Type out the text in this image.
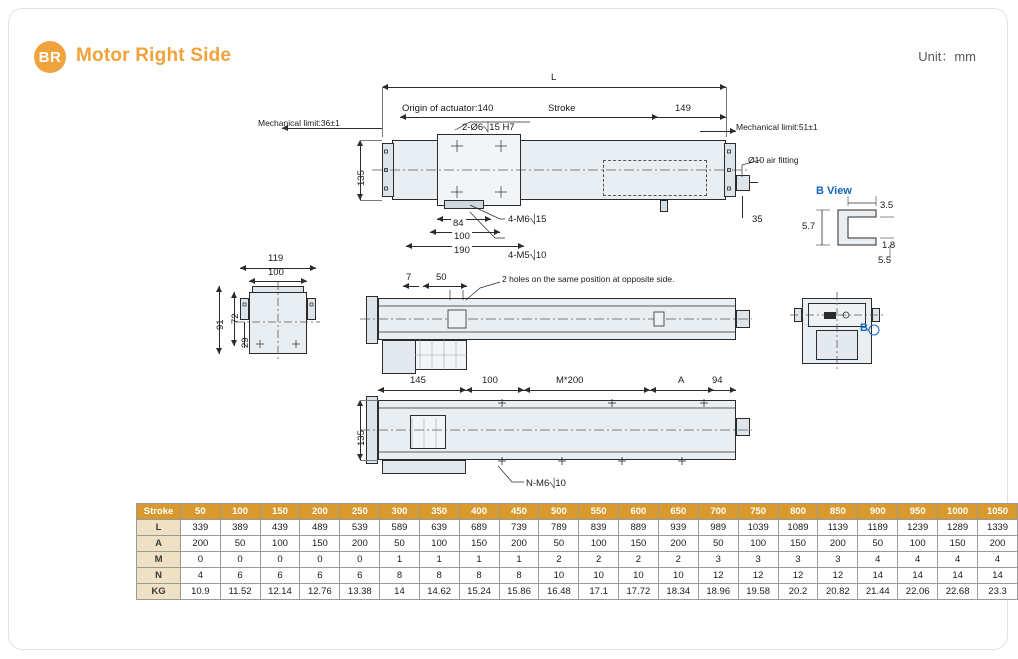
BR Motor Right Side	Unit：mm
L
Origin of actuator:140	Stroke	149
Mechanical limit:36±1	Mechanical limit:51±1
2-Ø6⎷15 H7
4-M6⎷15
4-M5⎷10
Ø10 air fitting
135
84
100
190
35
B View
3.5
5.7
1.8
5.5
119
100
91
72
29
7	50	2 holes on the same position at opposite side.
B
N-M6⎷10
145	100	M*200	A	94
135
Stroke	50	100	150	200	250	300	350	400	450	500	550	600	650	700	750	800	850	900	950	1000	1050
L	339	389	439	489	539	589	639	689	739	789	839	889	939	989	1039	1089	1139	1189	1239	1289	1339
A	200	50	100	150	200	50	100	150	200	50	100	150	200	50	100	150	200	50	100	150	200
M	0	0	0	0	0	1	1	1	1	2	2	2	2	3	3	3	3	4	4	4	4
N	4	6	6	6	6	8	8	8	8	10	10	10	10	12	12	12	12	14	14	14	14
KG	10.9	11.52	12.14	12.76	13.38	14	14.62	15.24	15.86	16.48	17.1	17.72	18.34	18.96	19.58	20.2	20.82	21.44	22.06	22.68	23.3
